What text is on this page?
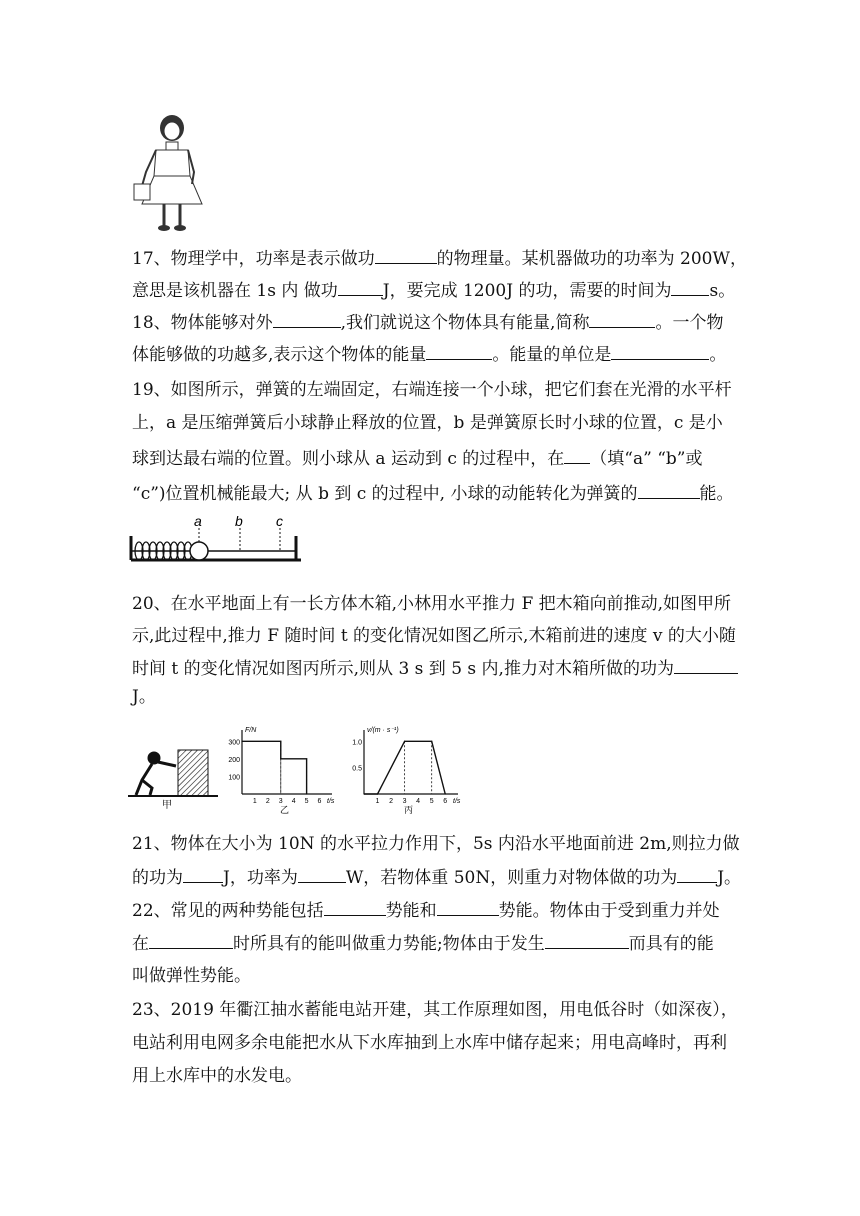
17、物理学中，功率是表示做功	的物理量。某机器做功的功率为 200W，
意思是该机器在 1s 内 做功	J，要完成 1200J 的功，需要的时间为 s。
18、物体能够对外	,我们就说这个物体具有能量,简称	。一个物
体能够做的功越多,表示这个物体的能量	。能量的单位是	。
19、如图所示，弹簧的左端固定，右端连接一个小球，把它们套在光滑的水平杆
上，a 是压缩弹簧后小球静止释放的位置，b 是弹簧原长时小球的位置，c 是小
球到达最右端的位置。则小球从 a 运动到 c 的过程中，在 （填“a” “b”或
“c”)位置机械能最大; 从 b 到 c 的过程中, 小球的动能转化为弹簧的	能。
a b c
20、在水平地面上有一长方体木箱,小林用水平推力 F 把木箱向前推动,如图甲所
示,此过程中,推力 F 随时间 t 的变化情况如图乙所示,木箱前进的速度 v 的大小随
时间 t 的变化情况如图丙所示,则从 3 s 到 5 s 内,推力对木箱所做的功为
J。
甲
F/N
t/s
1 2 3 4 5 6
100
200
300
乙
v/(m · s⁻¹)
t/s
1 2 3 4 5 6
0.5
1.0
丙
21、物体在大小为 10N 的水平拉力作用下，5s 内沿水平地面前进 2m,则拉力做
的功为 J，功率为	W，若物体重 50N，则重力对物体做的功为 J。
22、常见的两种势能包括	势能和	势能。物体由于受到重力并处
在	时所具有的能叫做重力势能;物体由于发生	而具有的能
叫做弹性势能。
23、2019 年衢江抽水蓄能电站开建，其工作原理如图，用电低谷时（如深夜），
电站利用电网多余电能把水从下水库抽到上水库中储存起来；用电高峰时，再利
用上水库中的水发电。
